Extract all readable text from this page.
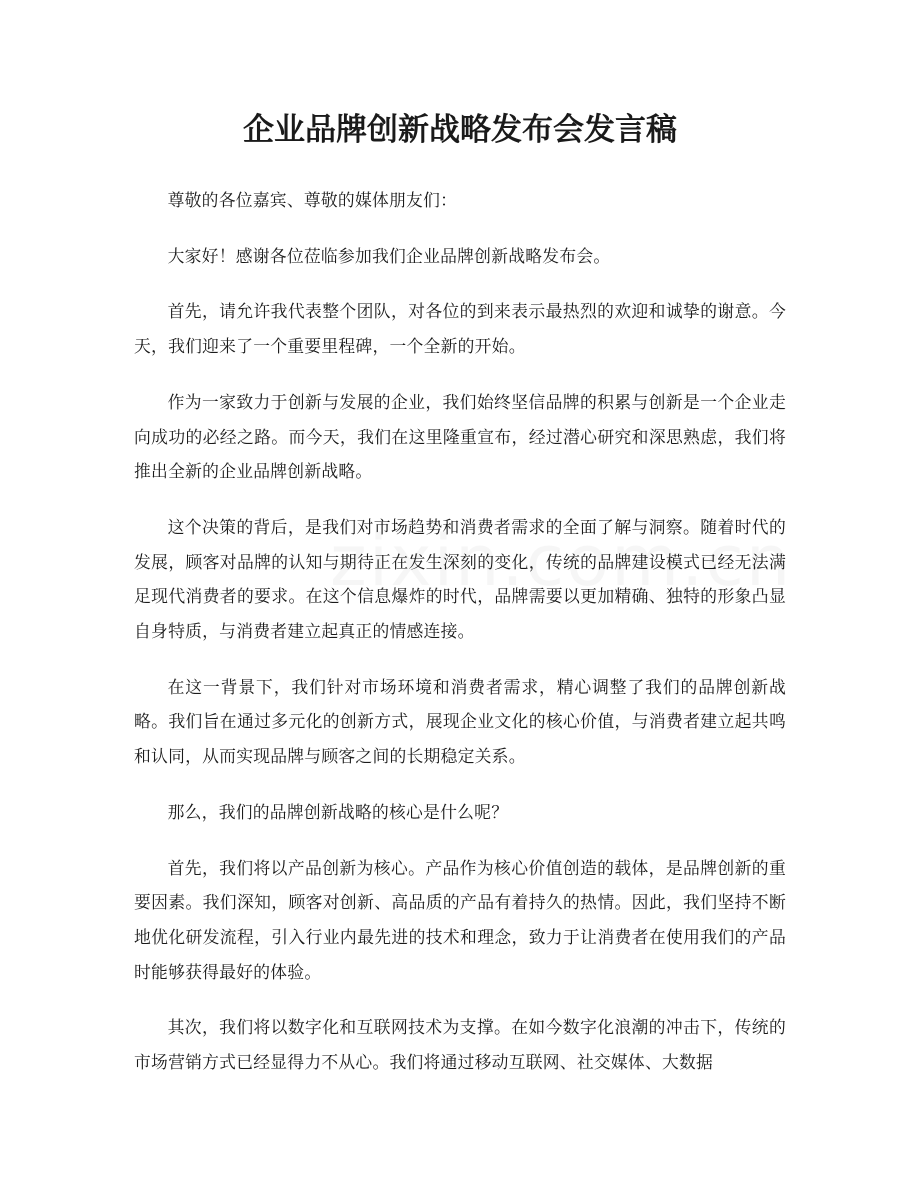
企业品牌创新战略发布会发言稿

尊敬的各位嘉宾、尊敬的媒体朋友们：

大家好！感谢各位莅临参加我们企业品牌创新战略发布会。

首先，请允许我代表整个团队，对各位的到来表示最热烈的欢迎和诚挚的谢意。今天，我们迎来了一个重要里程碑，一个全新的开始。

作为一家致力于创新与发展的企业，我们始终坚信品牌的积累与创新是一个企业走向成功的必经之路。而今天，我们在这里隆重宣布，经过潜心研究和深思熟虑，我们将推出全新的企业品牌创新战略。

这个决策的背后，是我们对市场趋势和消费者需求的全面了解与洞察。随着时代的发展，顾客对品牌的认知与期待正在发生深刻的变化，传统的品牌建设模式已经无法满足现代消费者的要求。在这个信息爆炸的时代，品牌需要以更加精确、独特的形象凸显自身特质，与消费者建立起真正的情感连接。

在这一背景下，我们针对市场环境和消费者需求，精心调整了我们的品牌创新战略。我们旨在通过多元化的创新方式，展现企业文化的核心价值，与消费者建立起共鸣和认同，从而实现品牌与顾客之间的长期稳定关系。

那么，我们的品牌创新战略的核心是什么呢？

首先，我们将以产品创新为核心。产品作为核心价值创造的载体，是品牌创新的重要因素。我们深知，顾客对创新、高品质的产品有着持久的热情。因此，我们坚持不断地优化研发流程，引入行业内最先进的技术和理念，致力于让消费者在使用我们的产品时能够获得最好的体验。

其次，我们将以数字化和互联网技术为支撑。在如今数字化浪潮的冲击下，传统的市场营销方式已经显得力不从心。我们将通过移动互联网、社交媒体、大数据
